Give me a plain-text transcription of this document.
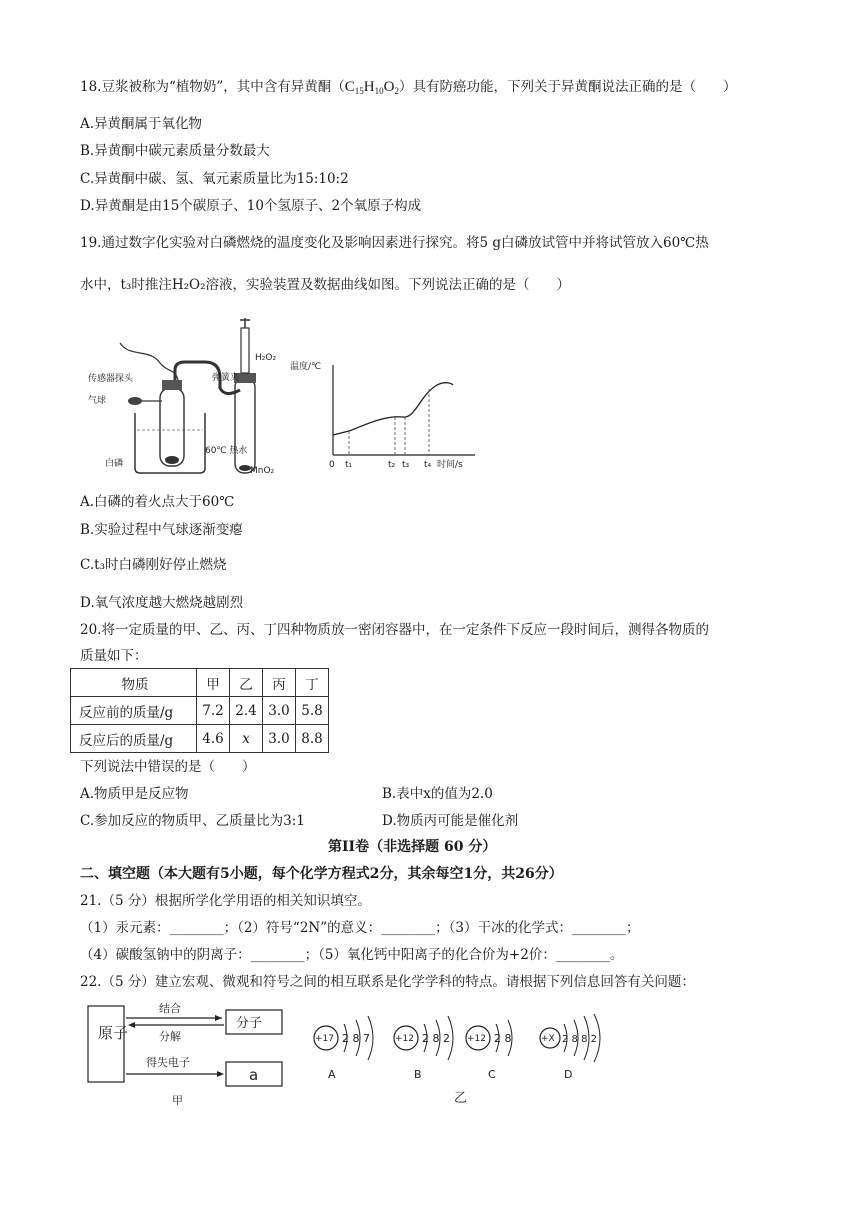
18.豆浆被称为“植物奶”，其中含有异黄酮$(C_{15}H_{10}O_2)$具有防癌功能，下列关于异黄酮说法正确的是（　　）
A.异黄酮属于氧化物
B.异黄酮中碳元素质量分数最大
C.异黄酮中碳、氢、氧元素质量比为15:10:2
D.异黄酮是由15个碳原子、10个氢原子、2个氧原子构成
19.通过数字化实验对白磷燃烧的温度变化及影响因素进行探究。将5 g白磷放试管中并将试管放入60℃热
水中，t₃时推注H₂O₂溶液，实验装置及数据曲线如图。下列说法正确的是（　　）
传感器探头
气球
弹簧夹
H₂O₂
白磷
60℃ 热水
MnO₂
温度/℃
时间/s
0 t₁	t₂ t₃ t₄
A.白磷的着火点大于60℃
B.实验过程中气球逐渐变瘪
C.t₃时白磷刚好停止燃烧
D.氧气浓度越大燃烧越剧烈
20.将一定质量的甲、乙、丙、丁四种物质放一密闭容器中，在一定条件下反应一段时间后，测得各物质的
质量如下：
物质	甲	乙	丙	丁
反应前的质量/g	7.2	2.4	3.0	5.8
反应后的质量/g	4.6	x	3.0	8.8
下列说法中错误的是（　　）
A.物质甲是反应物	B.表中x的值为2.0
C.参加反应的物质甲、乙质量比为3:1	D.物质丙可能是催化剂
第II卷（非选择题 60 分）
二、填空题（本大题有5小题，每个化学方程式2分，其余每空1分，共26分）
21.（5 分）根据所学化学用语的相关知识填空。
（1）汞元素：________；（2）符号“2N”的意义：________；（3）干冰的化学式：________；
（4）碳酸氢钠中的阴离子：________；（5）氧化钙中阳离子的化合价为+2价：________。
22.（5 分）建立宏观、微观和符号之间的相互联系是化学学科的特点。请根据下列信息回答有关问题：
原子
分子
a
结合
分解
得失电子
甲
+17 2 8 7
A
+12 2 8 2
B
+12 2 8
C
+X 2 8 8 2
D
乙
